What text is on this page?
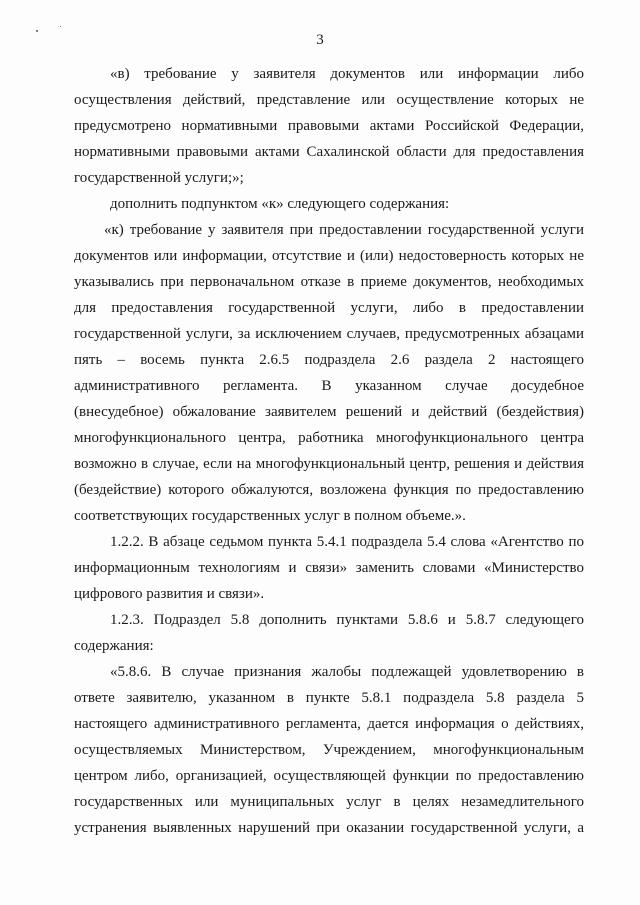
3
«в) требование у заявителя документов или информации либо
осуществления действий, представление или осуществление которых не
предусмотрено нормативными правовыми актами Российской Федерации,
нормативными правовыми актами Сахалинской области для предоставления
государственной услуги;»;
дополнить подпунктом «к» следующего содержания:
«к) требование у заявителя при предоставлении государственной услуги
документов или информации, отсутствие и (или) недостоверность которых не
указывались при первоначальном отказе в приеме документов, необходимых
для предоставления государственной услуги, либо в предоставлении
государственной услуги, за исключением случаев, предусмотренных абзацами
пять – восемь пункта 2.6.5 подраздела 2.6 раздела 2 настоящего
административного регламента. В указанном случае досудебное
(внесудебное) обжалование заявителем решений и действий (бездействия)
многофункционального центра, работника многофункционального центра
возможно в случае, если на многофункциональный центр, решения и действия
(бездействие) которого обжалуются, возложена функция по предоставлению
соответствующих государственных услуг в полном объеме.».
1.2.2. В абзаце седьмом пункта 5.4.1 подраздела 5.4 слова «Агентство по
информационным технологиям и связи» заменить словами «Министерство
цифрового развития и связи».
1.2.3. Подраздел 5.8 дополнить пунктами 5.8.6 и 5.8.7 следующего
содержания:
«5.8.6. В случае признания жалобы подлежащей удовлетворению в
ответе заявителю, указанном в пункте 5.8.1 подраздела 5.8 раздела 5
настоящего административного регламента, дается информация о действиях,
осуществляемых Министерством, Учреждением, многофункциональным
центром либо, организацией, осуществляющей функции по предоставлению
государственных или муниципальных услуг в целях незамедлительного
устранения выявленных нарушений при оказании государственной услуги, а
